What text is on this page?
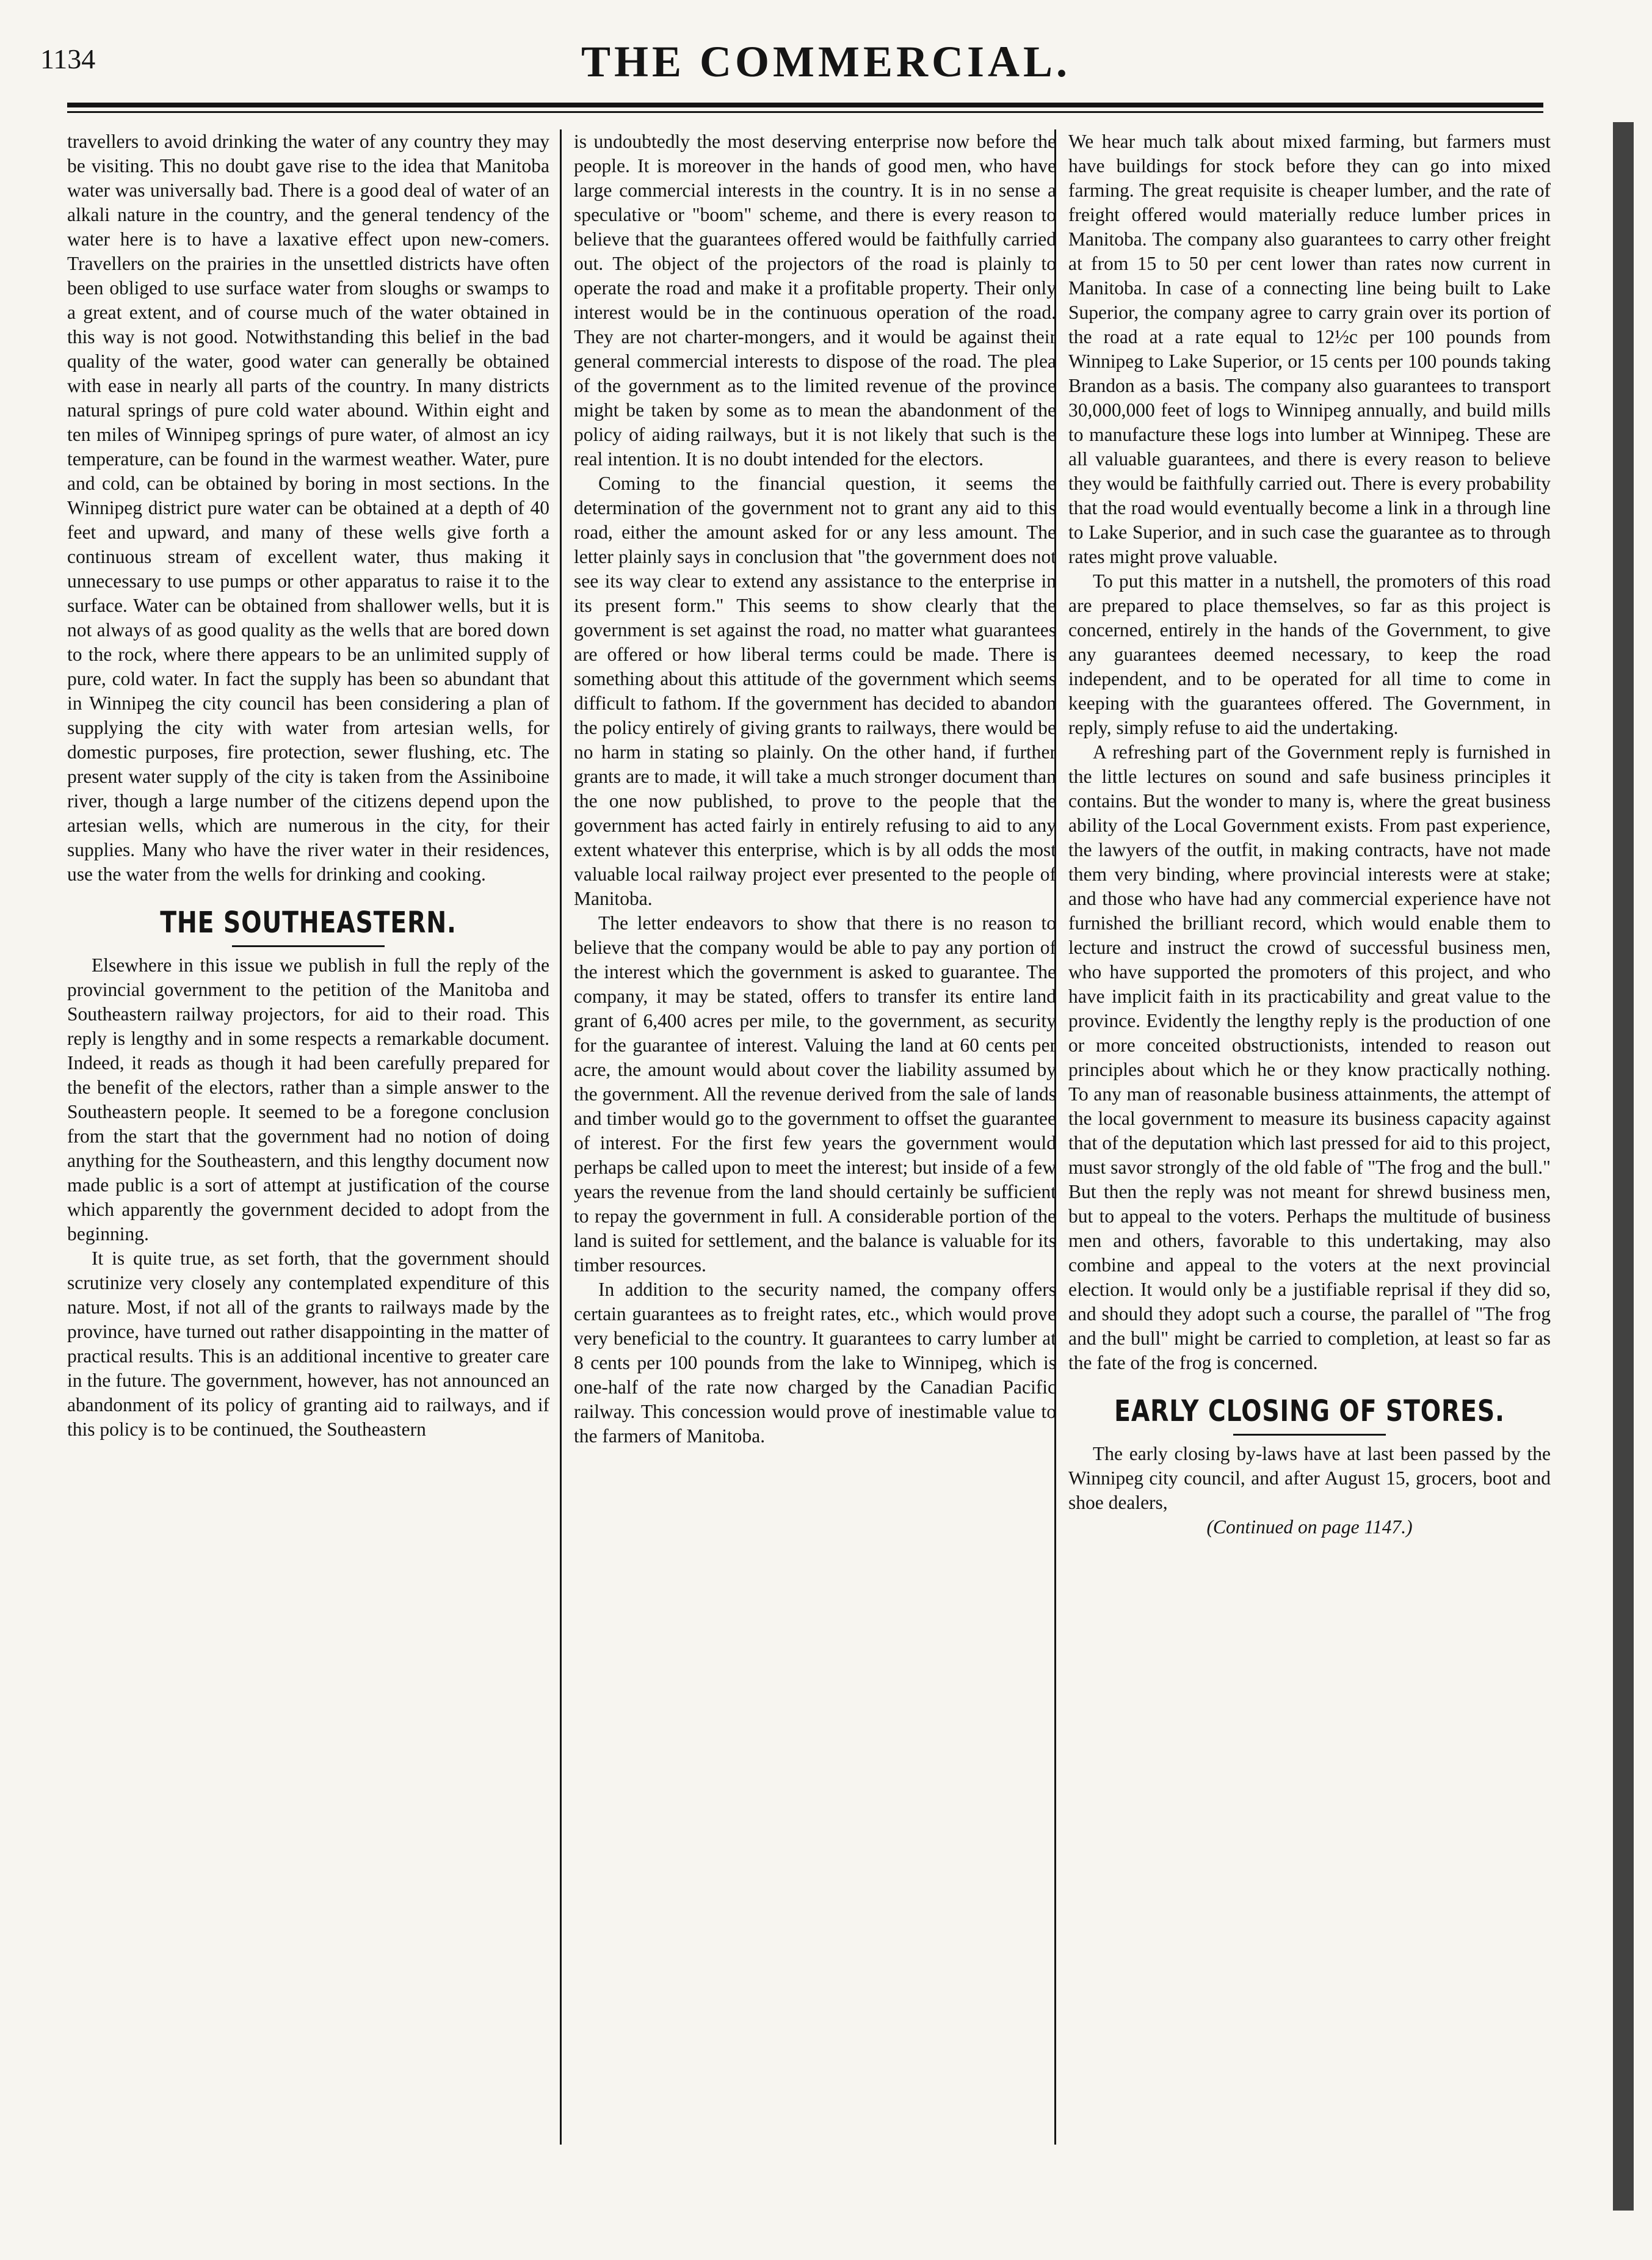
1134	THE COMMERCIAL.

travellers to avoid drinking the water of any country they may be visiting. This no doubt gave rise to the idea that Manitoba water was universally bad. There is a good deal of water of an alkali nature in the country, and the general tendency of the water here is to have a laxative effect upon new-comers. Travellers on the prairies in the unsettled districts have often been obliged to use surface water from sloughs or swamps to a great extent, and of course much of the water obtained in this way is not good. Notwithstanding this belief in the bad quality of the water, good water can generally be obtained with ease in nearly all parts of the country. In many districts natural springs of pure cold water abound. Within eight and ten miles of Winnipeg springs of pure water, of almost an icy temperature, can be found in the warmest weather. Water, pure and cold, can be obtained by boring in most sections. In the Winnipeg district pure water can be obtained at a depth of 40 feet and upward, and many of these wells give forth a continuous stream of excellent water, thus making it unnecessary to use pumps or other apparatus to raise it to the surface. Water can be obtained from shallower wells, but it is not always of as good quality as the wells that are bored down to the rock, where there appears to be an unlimited supply of pure, cold water. In fact the supply has been so abundant that in Winnipeg the city council has been considering a plan of supplying the city with water from artesian wells, for domestic purposes, fire protection, sewer flushing, etc. The present water supply of the city is taken from the Assiniboine river, though a large number of the citizens depend upon the artesian wells, which are numerous in the city, for their supplies. Many who have the river water in their residences, use the water from the wells for drinking and cooking.

THE SOUTHEASTERN.

Elsewhere in this issue we publish in full the reply of the provincial government to the petition of the Manitoba and Southeastern railway projectors, for aid to their road. This reply is lengthy and in some respects a remarkable document. Indeed, it reads as though it had been carefully prepared for the benefit of the electors, rather than a simple answer to the Southeastern people. It seemed to be a foregone conclusion from the start that the government had no notion of doing anything for the Southeastern, and this lengthy document now made public is a sort of attempt at justification of the course which apparently the government decided to adopt from the beginning.

It is quite true, as set forth, that the government should scrutinize very closely any contemplated expenditure of this nature. Most, if not all of the grants to railways made by the province, have turned out rather disappointing in the matter of practical results. This is an additional incentive to greater care in the future. The government, however, has not announced an abandonment of its policy of granting aid to railways, and if this policy is to be continued, the Southeastern

is undoubtedly the most deserving enterprise now before the people. It is moreover in the hands of good men, who have large commercial interests in the country. It is in no sense a speculative or "boom" scheme, and there is every reason to believe that the guarantees offered would be faithfully carried out. The object of the projectors of the road is plainly to operate the road and make it a profitable property. Their only interest would be in the continuous operation of the road. They are not charter-mongers, and it would be against their general commercial interests to dispose of the road. The plea of the government as to the limited revenue of the province might be taken by some as to mean the abandonment of the policy of aiding railways, but it is not likely that such is the real intention. It is no doubt intended for the electors.

Coming to the financial question, it seems the determination of the government not to grant any aid to this road, either the amount asked for or any less amount. The letter plainly says in conclusion that "the government does not see its way clear to extend any assistance to the enterprise in its present form." This seems to show clearly that the government is set against the road, no matter what guarantees are offered or how liberal terms could be made. There is something about this attitude of the government which seems difficult to fathom. If the government has decided to abandon the policy entirely of giving grants to railways, there would be no harm in stating so plainly. On the other hand, if further grants are to made, it will take a much stronger document than the one now published, to prove to the people that the government has acted fairly in entirely refusing to aid to any extent whatever this enterprise, which is by all odds the most valuable local railway project ever presented to the people of Manitoba.

The letter endeavors to show that there is no reason to believe that the company would be able to pay any portion of the interest which the government is asked to guarantee. The company, it may be stated, offers to transfer its entire land grant of 6,400 acres per mile, to the government, as security for the guarantee of interest. Valuing the land at 60 cents per acre, the amount would about cover the liability assumed by the government. All the revenue derived from the sale of lands and timber would go to the government to offset the guarantee of interest. For the first few years the government would perhaps be called upon to meet the interest; but inside of a few years the revenue from the land should certainly be sufficient to repay the government in full. A considerable portion of the land is suited for settlement, and the balance is valuable for its timber resources.

In addition to the security named, the company offers certain guarantees as to freight rates, etc., which would prove very beneficial to the country. It guarantees to carry lumber at 8 cents per 100 pounds from the lake to Winnipeg, which is one-half of the rate now charged by the Canadian Pacific railway. This concession would prove of inestimable value to the farmers of Manitoba.

We hear much talk about mixed farming, but farmers must have buildings for stock before they can go into mixed farming. The great requisite is cheaper lumber, and the rate of freight offered would materially reduce lumber prices in Manitoba. The company also guarantees to carry other freight at from 15 to 50 per cent lower than rates now current in Manitoba. In case of a connecting line being built to Lake Superior, the company agree to carry grain over its portion of the road at a rate equal to 12½c per 100 pounds from Winnipeg to Lake Superior, or 15 cents per 100 pounds taking Brandon as a basis. The company also guarantees to transport 30,000,000 feet of logs to Winnipeg annually, and build mills to manufacture these logs into lumber at Winnipeg. These are all valuable guarantees, and there is every reason to believe they would be faithfully carried out. There is every probability that the road would eventually become a link in a through line to Lake Superior, and in such case the guarantee as to through rates might prove valuable.

To put this matter in a nutshell, the promoters of this road are prepared to place themselves, so far as this project is concerned, entirely in the hands of the Government, to give any guarantees deemed necessary, to keep the road independent, and to be operated for all time to come in keeping with the guarantees offered. The Government, in reply, simply refuse to aid the undertaking.

A refreshing part of the Government reply is furnished in the little lectures on sound and safe business principles it contains. But the wonder to many is, where the great business ability of the Local Government exists. From past experience, the lawyers of the outfit, in making contracts, have not made them very binding, where provincial interests were at stake; and those who have had any commercial experience have not furnished the brilliant record, which would enable them to lecture and instruct the crowd of successful business men, who have supported the promoters of this project, and who have implicit faith in its practicability and great value to the province. Evidently the lengthy reply is the production of one or more conceited obstructionists, intended to reason out principles about which he or they know practically nothing. To any man of reasonable business attainments, the attempt of the local government to measure its business capacity against that of the deputation which last pressed for aid to this project, must savor strongly of the old fable of "The frog and the bull." But then the reply was not meant for shrewd business men, but to appeal to the voters. Perhaps the multitude of business men and others, favorable to this undertaking, may also combine and appeal to the voters at the next provincial election. It would only be a justifiable reprisal if they did so, and should they adopt such a course, the parallel of "The frog and the bull" might be carried to completion, at least so far as the fate of the frog is concerned.

EARLY CLOSING OF STORES.

The early closing by-laws have at last been passed by the Winnipeg city council, and after August 15, grocers, boot and shoe dealers,

(Continued on page 1147.)
